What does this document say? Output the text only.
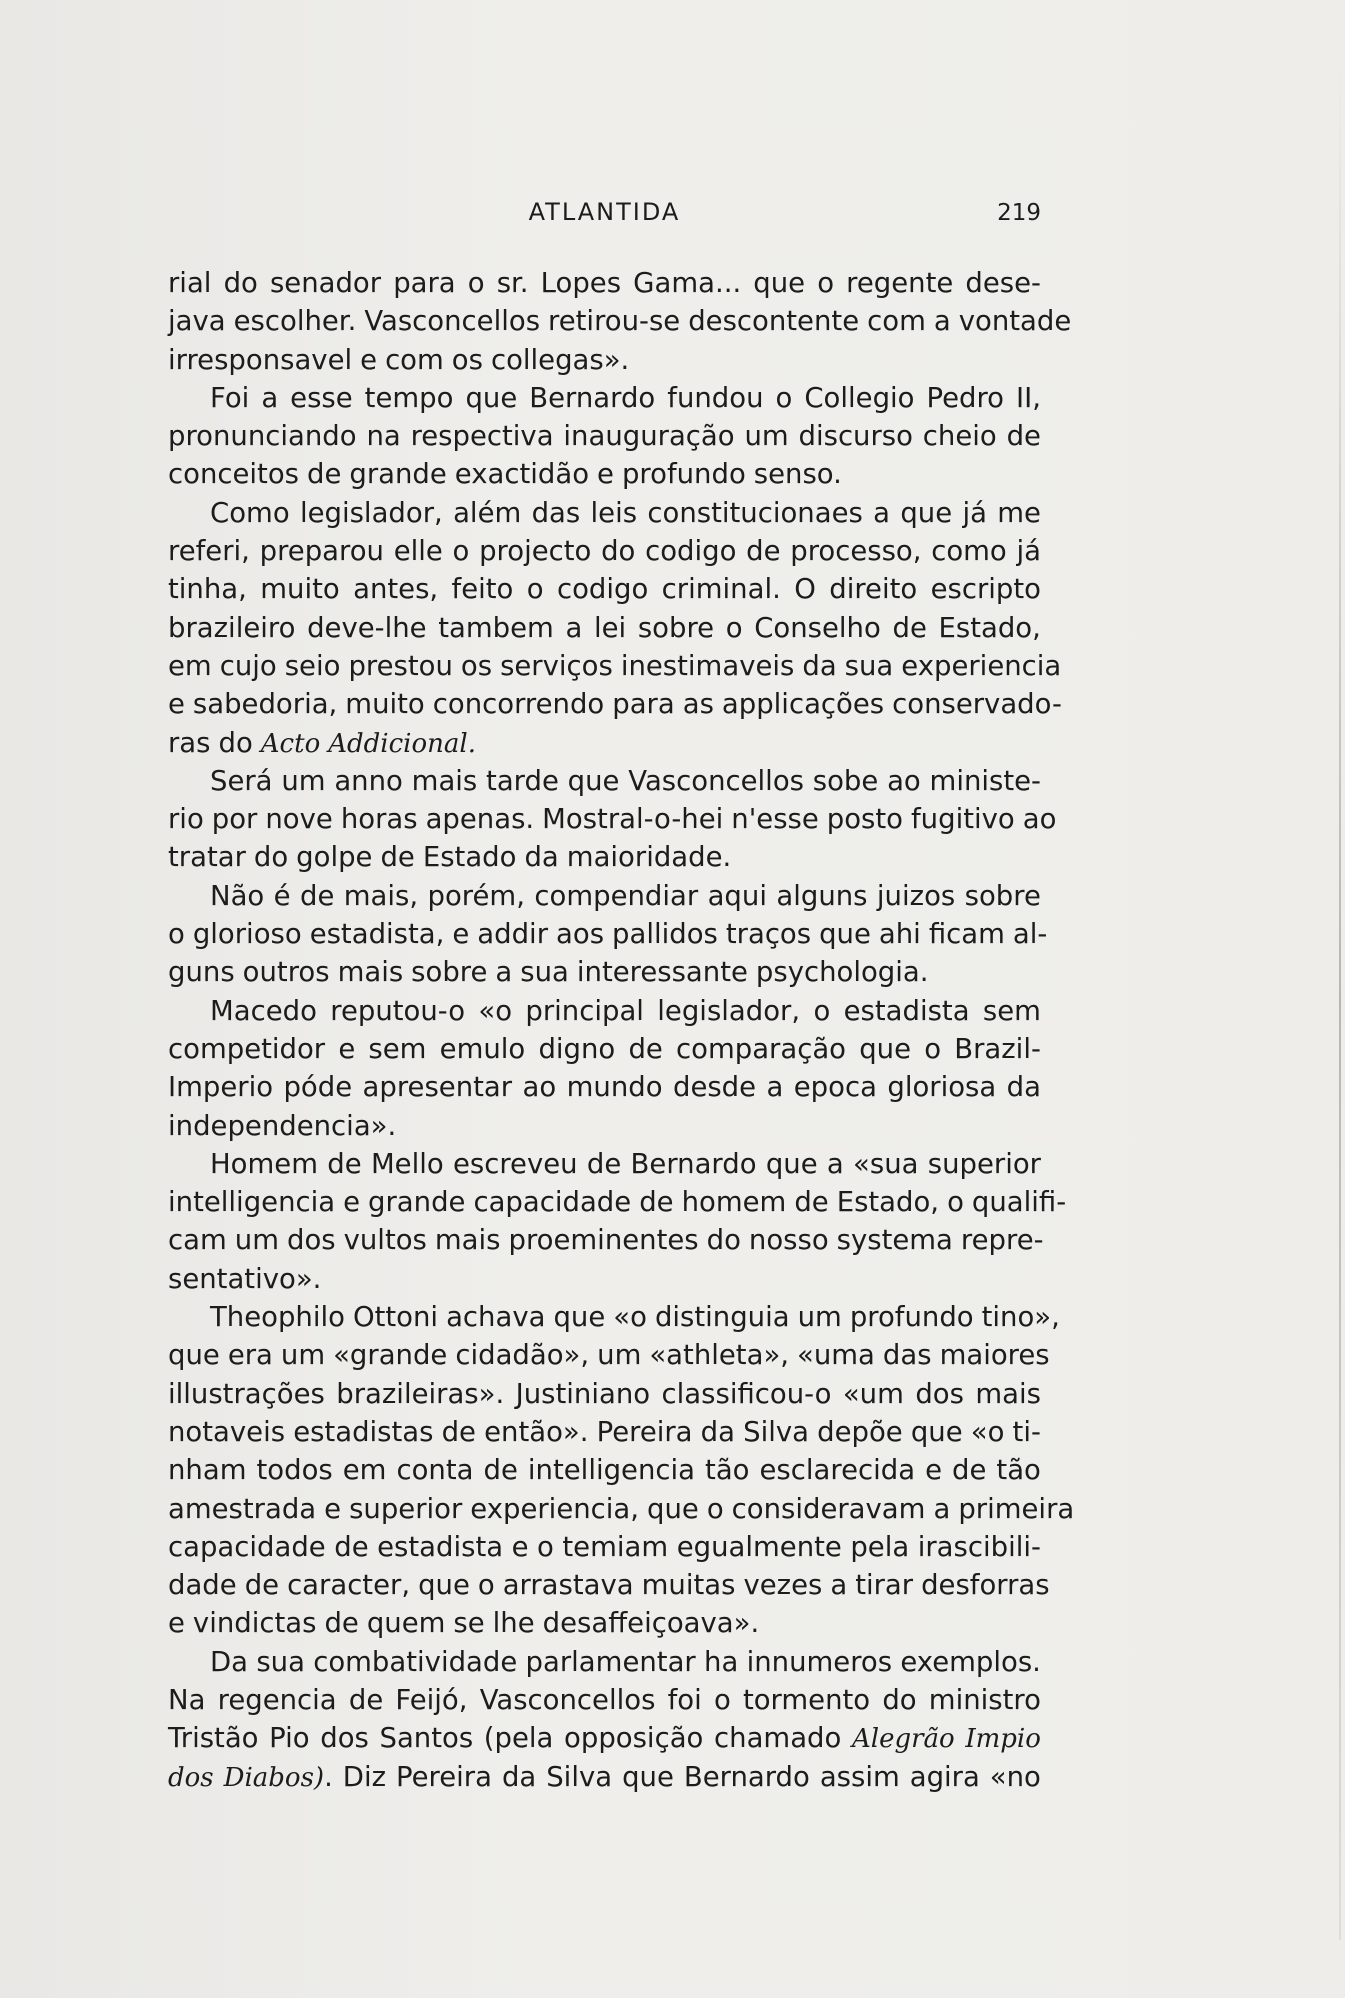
ATLANTIDA	219
rial do senador para o sr. Lopes Gama... que o regente dese-
java escolher. Vasconcellos retirou-se descontente com a vontade
irresponsavel e com os collegas».
Foi a esse tempo que Bernardo fundou o Collegio Pedro II,
pronunciando na respectiva inauguração um discurso cheio de
conceitos de grande exactidão e profundo senso.
Como legislador, além das leis constitucionaes a que já me
referi, preparou elle o projecto do codigo de processo, como já
tinha, muito antes, feito o codigo criminal. O direito escripto
brazileiro deve-lhe tambem a lei sobre o Conselho de Estado,
em cujo seio prestou os serviços inestimaveis da sua experiencia
e sabedoria, muito concorrendo para as applicações conservado-
ras do Acto Addicional.
Será um anno mais tarde que Vasconcellos sobe ao ministe-
rio por nove horas apenas. Mostral-o-hei n'esse posto fugitivo ao
tratar do golpe de Estado da maioridade.
Não é de mais, porém, compendiar aqui alguns juizos sobre
o glorioso estadista, e addir aos pallidos traços que ahi ficam al-
guns outros mais sobre a sua interessante psychologia.
Macedo reputou-o «o principal legislador, o estadista sem
competidor e sem emulo digno de comparação que o Brazil-
Imperio póde apresentar ao mundo desde a epoca gloriosa da
independencia».
Homem de Mello escreveu de Bernardo que a «sua superior
intelligencia e grande capacidade de homem de Estado, o qualifi-
cam um dos vultos mais proeminentes do nosso systema repre-
sentativo».
Theophilo Ottoni achava que «o distinguia um profundo tino»,
que era um «grande cidadão», um «athleta», «uma das maiores
illustrações brazileiras». Justiniano classificou-o «um dos mais
notaveis estadistas de então». Pereira da Silva depõe que «o ti-
nham todos em conta de intelligencia tão esclarecida e de tão
amestrada e superior experiencia, que o consideravam a primeira
capacidade de estadista e o temiam egualmente pela irascibili-
dade de caracter, que o arrastava muitas vezes a tirar desforras
e vindictas de quem se lhe desaffeiçoava».
Da sua combatividade parlamentar ha innumeros exemplos.
Na regencia de Feijó, Vasconcellos foi o tormento do ministro
Tristão Pio dos Santos (pela opposição chamado Alegrão Impio
dos Diabos). Diz Pereira da Silva que Bernardo assim agira «no
